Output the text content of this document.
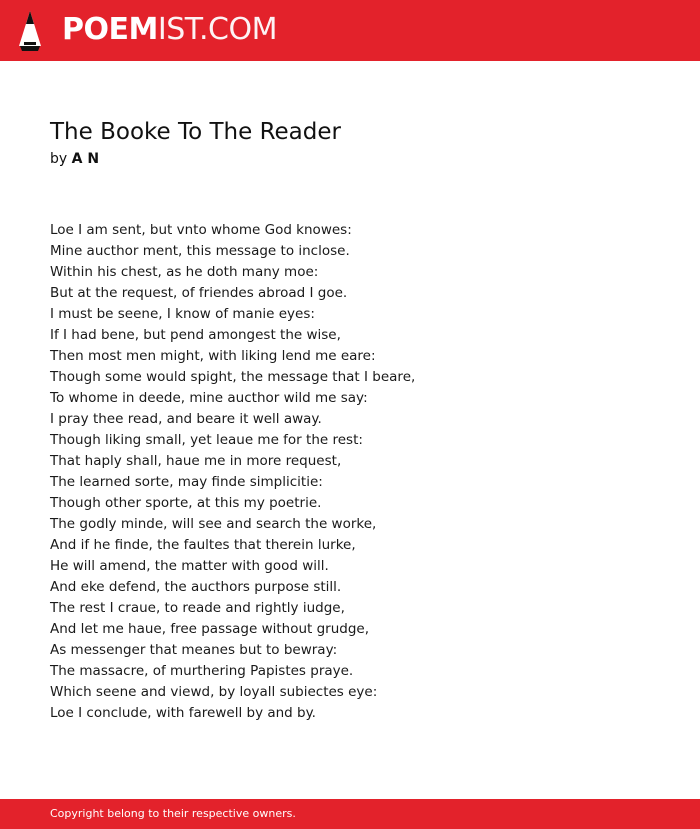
POEMIST.COM
The Booke To The Reader
by A N
Loe I am sent, but vnto whome God knowes:
Mine aucthor ment, this message to inclose.
Within his chest, as he doth many moe:
But at the request, of friendes abroad I goe.
I must be seene, I know of manie eyes:
If I had bene, but pend amongest the wise,
Then most men might, with liking lend me eare:
Though some would spight, the message that I beare,
To whome in deede, mine aucthor wild me say:
I pray thee read, and beare it well away.
Though liking small, yet leaue me for the rest:
That haply shall, haue me in more request,
The learned sorte, may finde simplicitie:
Though other sporte, at this my poetrie.
The godly minde, will see and search the worke,
And if he finde, the faultes that therein lurke,
He will amend, the matter with good will.
And eke defend, the aucthors purpose still.
The rest I craue, to reade and rightly iudge,
And let me haue, free passage without grudge,
As messenger that meanes but to bewray:
The massacre, of murthering Papistes praye.
Which seene and viewd, by loyall subiectes eye:
Loe I conclude, with farewell by and by.
Copyright belong to their respective owners.
